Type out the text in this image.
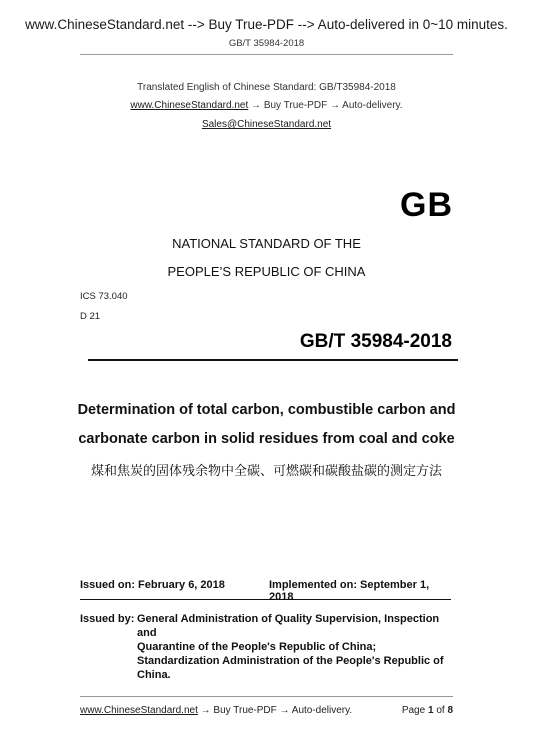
www.ChineseStandard.net --> Buy True-PDF --> Auto-delivered in 0~10 minutes.
GB/T 35984-2018
Translated English of Chinese Standard: GB/T35984-2018
www.ChineseStandard.net → Buy True-PDF → Auto-delivery.
Sales@ChineseStandard.net
GB
NATIONAL STANDARD OF THE
PEOPLE’S REPUBLIC OF CHINA
ICS 73.040
D 21
GB/T 35984-2018
Determination of total carbon, combustible carbon and
carbonate carbon in solid residues from coal and coke
煤和焦炭的固体残余物中全碳、可燃碳和碳酸盐碳的测定方法
Issued on: February 6, 2018	Implemented on: September 1, 2018
Issued by: General Administration of Quality Supervision, Inspection and
Quarantine of the People's Republic of China;
Standardization Administration of the People's Republic of
China.
www.ChineseStandard.net → Buy True-PDF → Auto-delivery.	Page 1 of 8
